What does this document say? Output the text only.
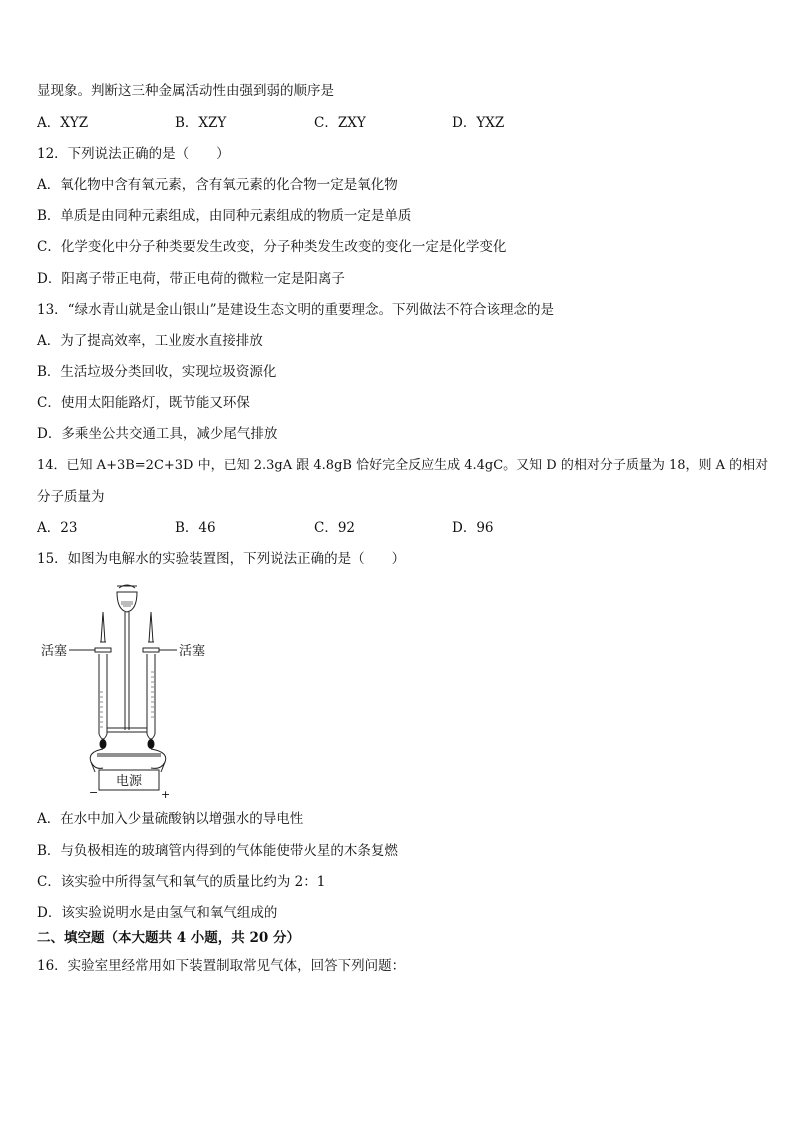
显现象。判断这三种金属活动性由强到弱的顺序是
A．XYZ	B．XZY	C．ZXY	D．YXZ
12．下列说法正确的是（　　）
A．氧化物中含有氧元素，含有氧元素的化合物一定是氧化物
B．单质是由同种元素组成，由同种元素组成的物质一定是单质
C．化学变化中分子种类要发生改变，分子种类发生改变的变化一定是化学变化
D．阳离子带正电荷，带正电荷的微粒一定是阳离子
13．“绿水青山就是金山银山”是建设生态文明的重要理念。下列做法不符合该理念的是
A．为了提高效率，工业废水直接排放
B．生活垃圾分类回收，实现垃圾资源化
C．使用太阳能路灯，既节能又环保
D．多乘坐公共交通工具，减少尾气排放
14．已知 A+3B=2C+3D 中，已知 2.3gA 跟 4.8gB 恰好完全反应生成 4.4gC。又知 D 的相对分子质量为 18，则 A 的相对
分子质量为
A．23	B．46	C．92	D．96
15．如图为电解水的实验装置图，下列说法正确的是（　　）
电源
−	+
活塞	活塞
A．在水中加入少量硫酸钠以增强水的导电性
B．与负极相连的玻璃管内得到的气体能使带火星的木条复燃
C．该实验中所得氢气和氧气的质量比约为 2：1
D．该实验说明水是由氢气和氧气组成的
二、填空题（本大题共 4 小题，共 20 分）
16．实验室里经常用如下装置制取常见气体，回答下列问题：
